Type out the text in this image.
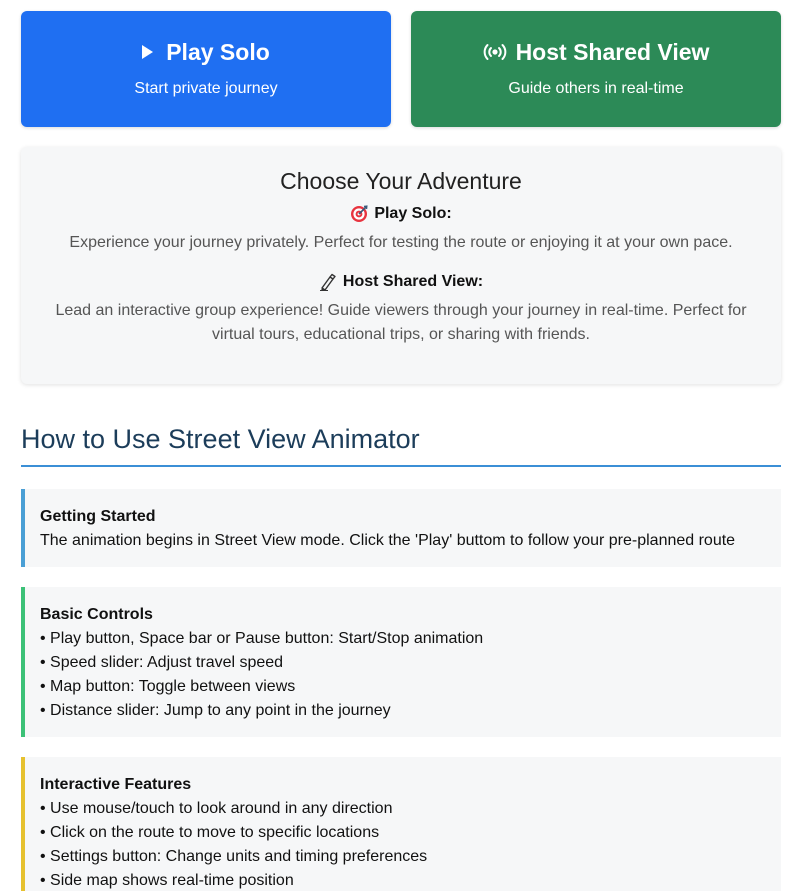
Play Solo
Start private journey
Host Shared View
Guide others in real-time
Choose Your Adventure
Play Solo:
Experience your journey privately. Perfect for testing the route or enjoying it at your own pace.
Host Shared View:
Lead an interactive group experience! Guide viewers through your journey in real-time. Perfect for virtual tours, educational trips, or sharing with friends.
How to Use Street View Animator
Getting Started
The animation begins in Street View mode. Click the 'Play' buttom to follow your pre-planned route
Basic Controls
• Play button, Space bar or Pause button: Start/Stop animation
• Speed slider: Adjust travel speed
• Map button: Toggle between views
• Distance slider: Jump to any point in the journey
Interactive Features
• Use mouse/touch to look around in any direction
• Click on the route to move to specific locations
• Settings button: Change units and timing preferences
• Side map shows real-time position
